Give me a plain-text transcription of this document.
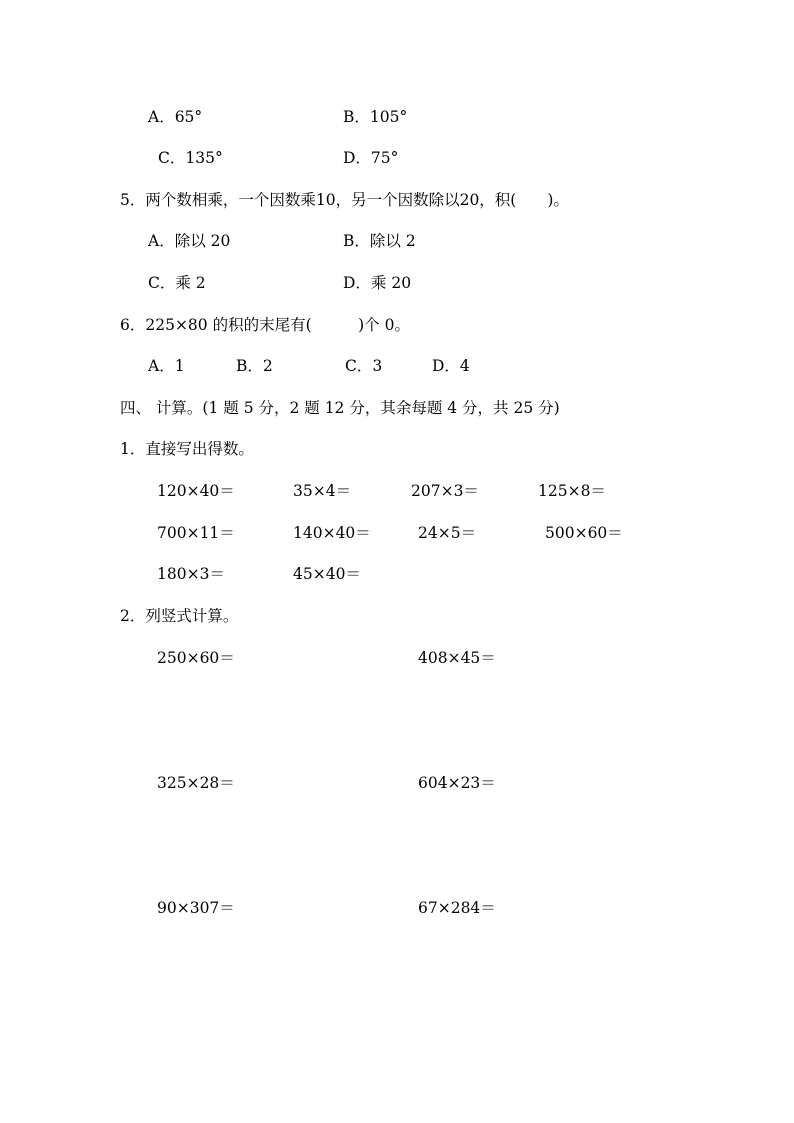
A．65°	B．105°
C．135°	D．75°
5．两个数相乘，一个因数乘10，另一个因数除以20，积(　　)。
A．除以 20	B．除以 2
C．乘 2	D．乘 20
6．225×80 的积的末尾有(　　　)个 0。
A．1	B．2	C．3	D．4
四、 计算。(1 题 5 分，2 题 12 分，其余每题 4 分，共 25 分)
1．直接写出得数。
120×40＝	35×4＝	207×3＝	125×8＝
700×11＝	140×40＝	24×5＝	500×60＝
180×3＝	45×40＝
2．列竖式计算。
250×60＝	408×45＝
325×28＝	604×23＝
90×307＝	67×284＝
